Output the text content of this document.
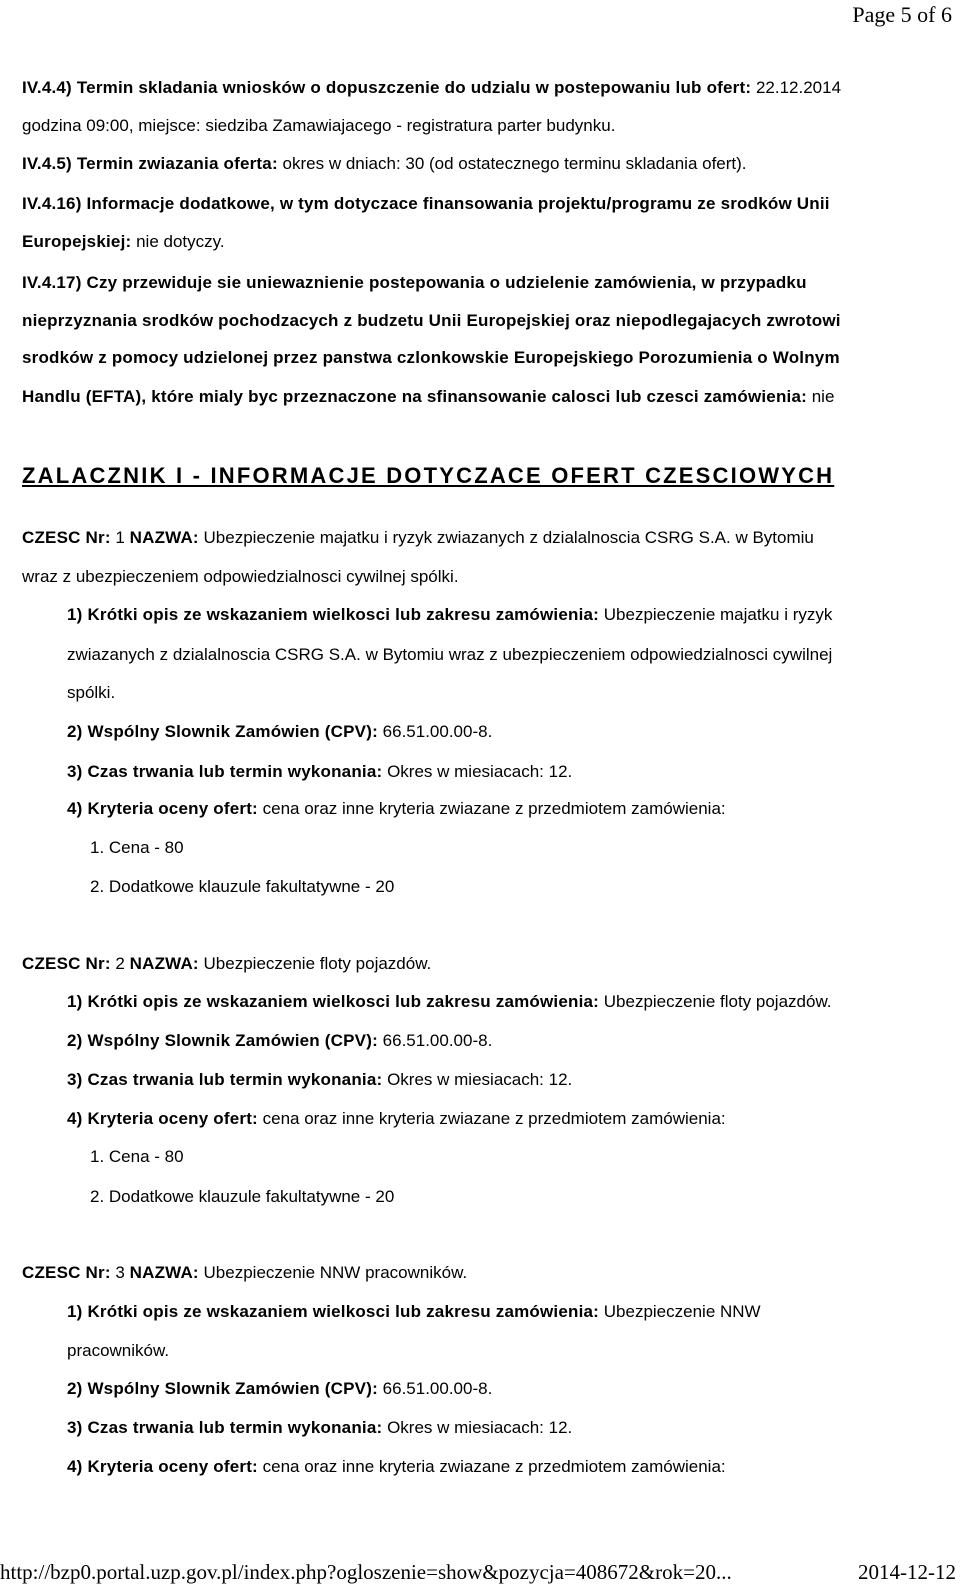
Page 5 of 6
IV.4.4) Termin skladania wniosków o dopuszczenie do udzialu w postepowaniu lub ofert: 22.12.2014
godzina 09:00, miejsce: siedziba Zamawiajacego - registratura parter budynku.
IV.4.5) Termin zwiazania oferta: okres w dniach: 30 (od ostatecznego terminu skladania ofert).
IV.4.16) Informacje dodatkowe, w tym dotyczace finansowania projektu/programu ze srodków Unii
Europejskiej: nie dotyczy.
IV.4.17) Czy przewiduje sie uniewaznienie postepowania o udzielenie zamówienia, w przypadku
nieprzyznania srodków pochodzacych z budzetu Unii Europejskiej oraz niepodlegajacych zwrotowi
srodków z pomocy udzielonej przez panstwa czlonkowskie Europejskiego Porozumienia o Wolnym
Handlu (EFTA), które mialy byc przeznaczone na sfinansowanie calosci lub czesci zamówienia: nie
ZALACZNIK I - INFORMACJE DOTYCZACE OFERT CZESCIOWYCH
CZESC Nr: 1 NAZWA: Ubezpieczenie majatku i ryzyk zwiazanych z dzialalnoscia CSRG S.A. w Bytomiu
wraz z ubezpieczeniem odpowiedzialnosci cywilnej spólki.
1) Krótki opis ze wskazaniem wielkosci lub zakresu zamówienia: Ubezpieczenie majatku i ryzyk
zwiazanych z dzialalnoscia CSRG S.A. w Bytomiu wraz z ubezpieczeniem odpowiedzialnosci cywilnej
spólki.
2) Wspólny Slownik Zamówien (CPV): 66.51.00.00-8.
3) Czas trwania lub termin wykonania: Okres w miesiacach: 12.
4) Kryteria oceny ofert: cena oraz inne kryteria zwiazane z przedmiotem zamówienia:
1. Cena - 80
2. Dodatkowe klauzule fakultatywne - 20
CZESC Nr: 2 NAZWA: Ubezpieczenie floty pojazdów.
1) Krótki opis ze wskazaniem wielkosci lub zakresu zamówienia: Ubezpieczenie floty pojazdów.
2) Wspólny Slownik Zamówien (CPV): 66.51.00.00-8.
3) Czas trwania lub termin wykonania: Okres w miesiacach: 12.
4) Kryteria oceny ofert: cena oraz inne kryteria zwiazane z przedmiotem zamówienia:
1. Cena - 80
2. Dodatkowe klauzule fakultatywne - 20
CZESC Nr: 3 NAZWA: Ubezpieczenie NNW pracowników.
1) Krótki opis ze wskazaniem wielkosci lub zakresu zamówienia: Ubezpieczenie NNW
pracowników.
2) Wspólny Slownik Zamówien (CPV): 66.51.00.00-8.
3) Czas trwania lub termin wykonania: Okres w miesiacach: 12.
4) Kryteria oceny ofert: cena oraz inne kryteria zwiazane z przedmiotem zamówienia:
http://bzp0.portal.uzp.gov.pl/index.php?ogloszenie=show&pozycja=408672&rok=20...	2014-12-12
